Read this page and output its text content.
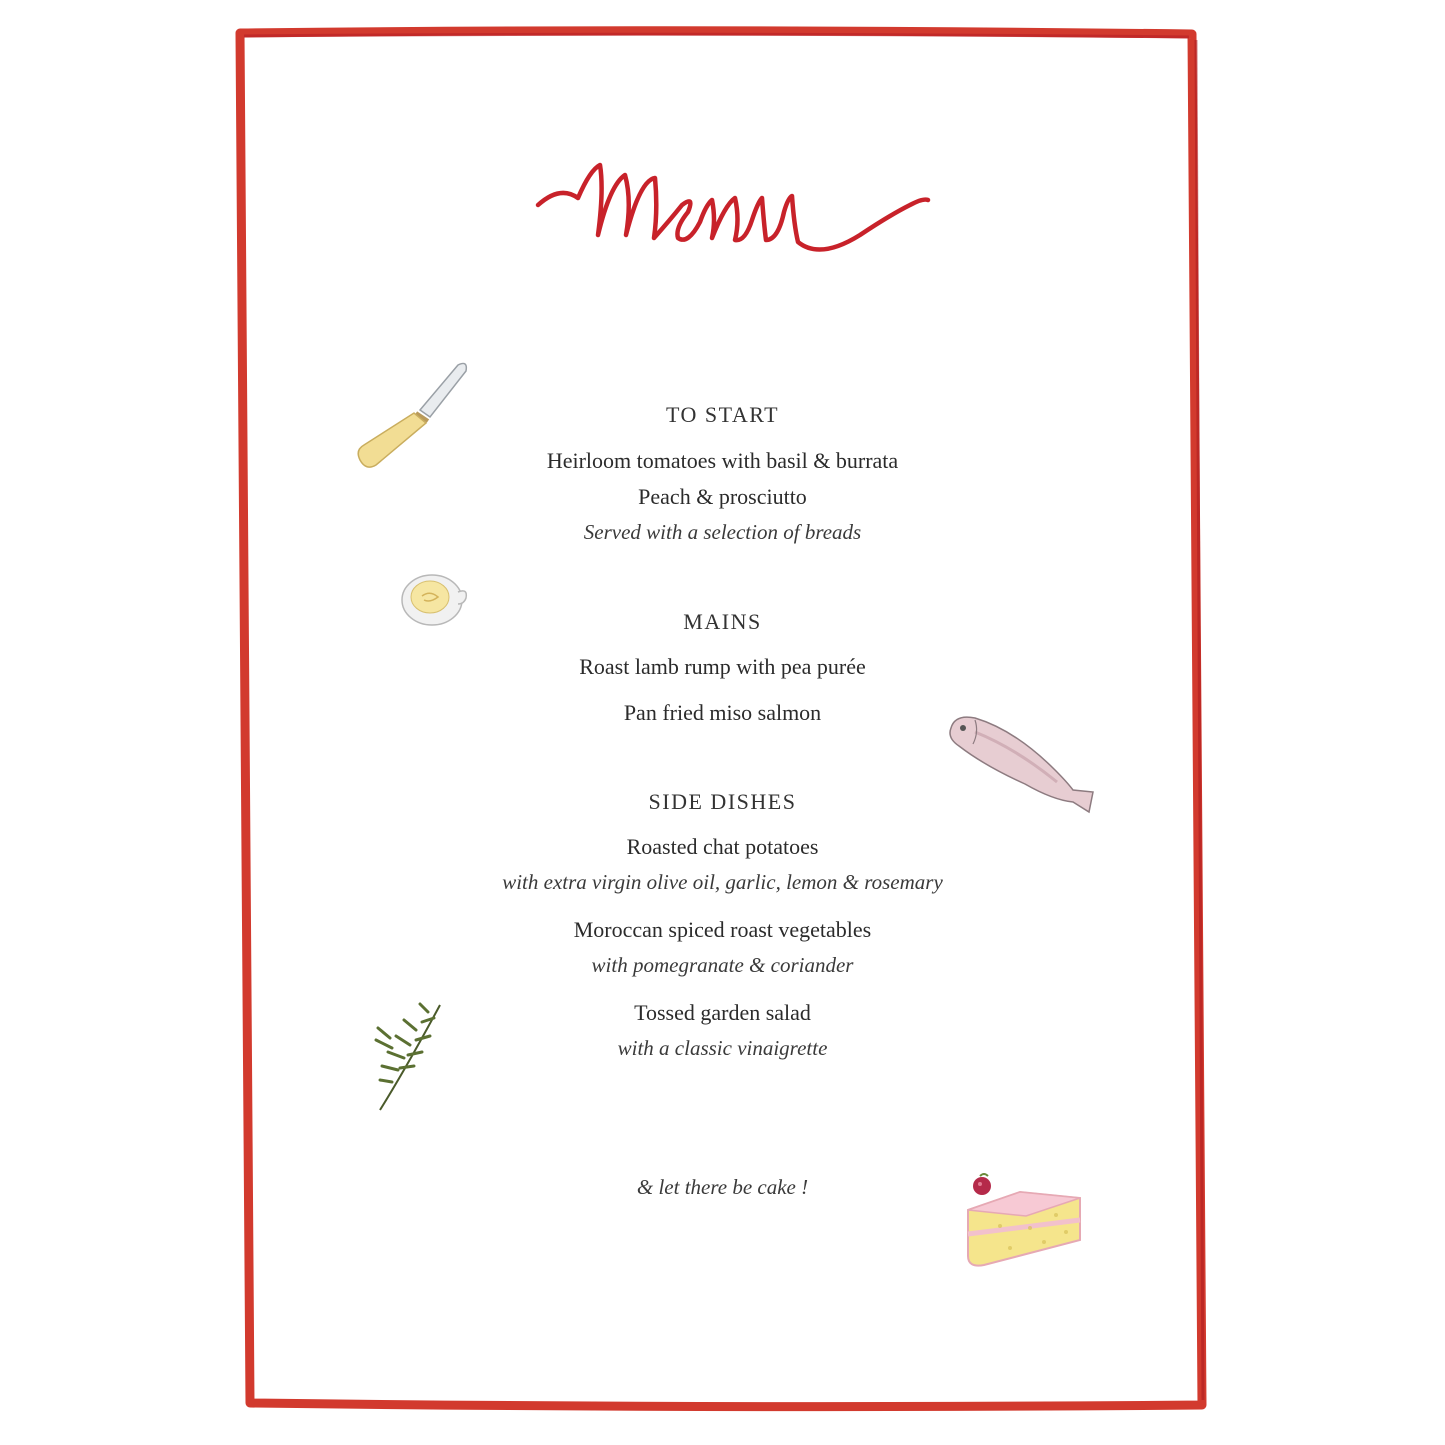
TO START
Heirloom tomatoes with basil & burrata
Peach & prosciutto
Served with a selection of breads
MAINS
Roast lamb rump with pea purée
Pan fried miso salmon
SIDE DISHES
Roasted chat potatoes
with extra virgin olive oil, garlic, lemon & rosemary
Moroccan spiced roast vegetables
with pomegranate & coriander
Tossed garden salad
with a classic vinaigrette
& let there be cake !
